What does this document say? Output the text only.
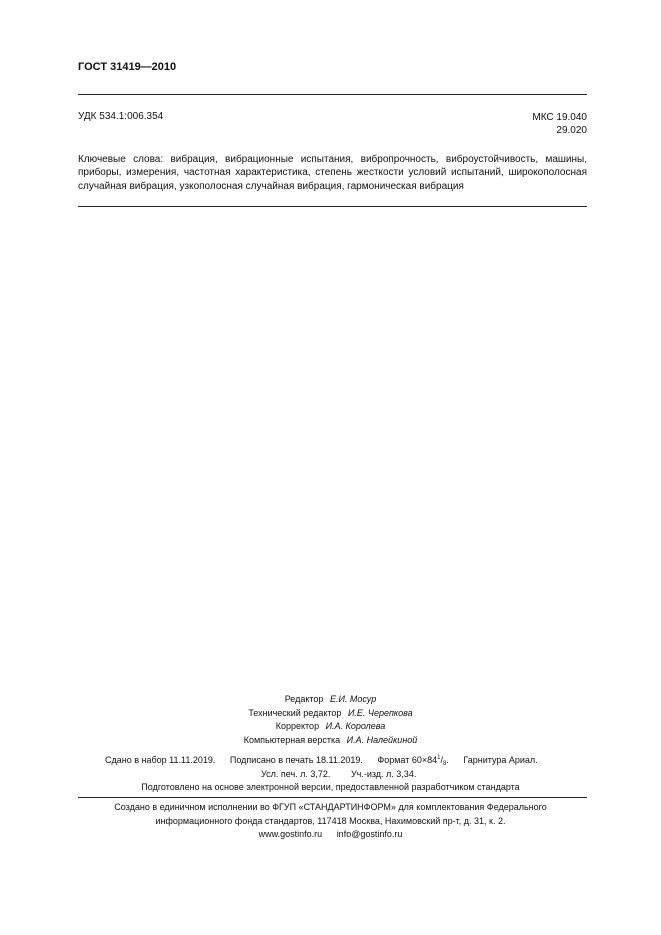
ГОСТ 31419—2010
УДК 534.1:006.354	МКС 19.040
29.020
Ключевые слова: вибрация, вибрационные испытания, вибропрочность, виброустойчивость, машины, приборы, измерения, частотная характеристика, степень жесткости условий испытаний, широкополосная случайная вибрация, узкополосная случайная вибрация, гармоническая вибрация
Редактор Е.И. Мосур
Технический редактор И.Е. Черепкова
Корректор И.А. Королева
Компьютерная верстка И.А. Налейкиной
Сдано в набор 11.11.2019. Подписано в печать 18.11.2019. Формат $60\times 84^1/_8$. Гарнитура Ариал.
Усл. печ. л. 3,72. Уч.-изд. л. 3,34.
Подготовлено на основе электронной версии, предоставленной разработчиком стандарта
Создано в единичном исполнении во ФГУП «СТАНДАРТИНФОРМ» для комплектования Федерального
информационного фонда стандартов, 117418 Москва, Нахимовский пр-т, д. 31, к. 2.
www.gostinfo.ru info@gostinfo.ru
